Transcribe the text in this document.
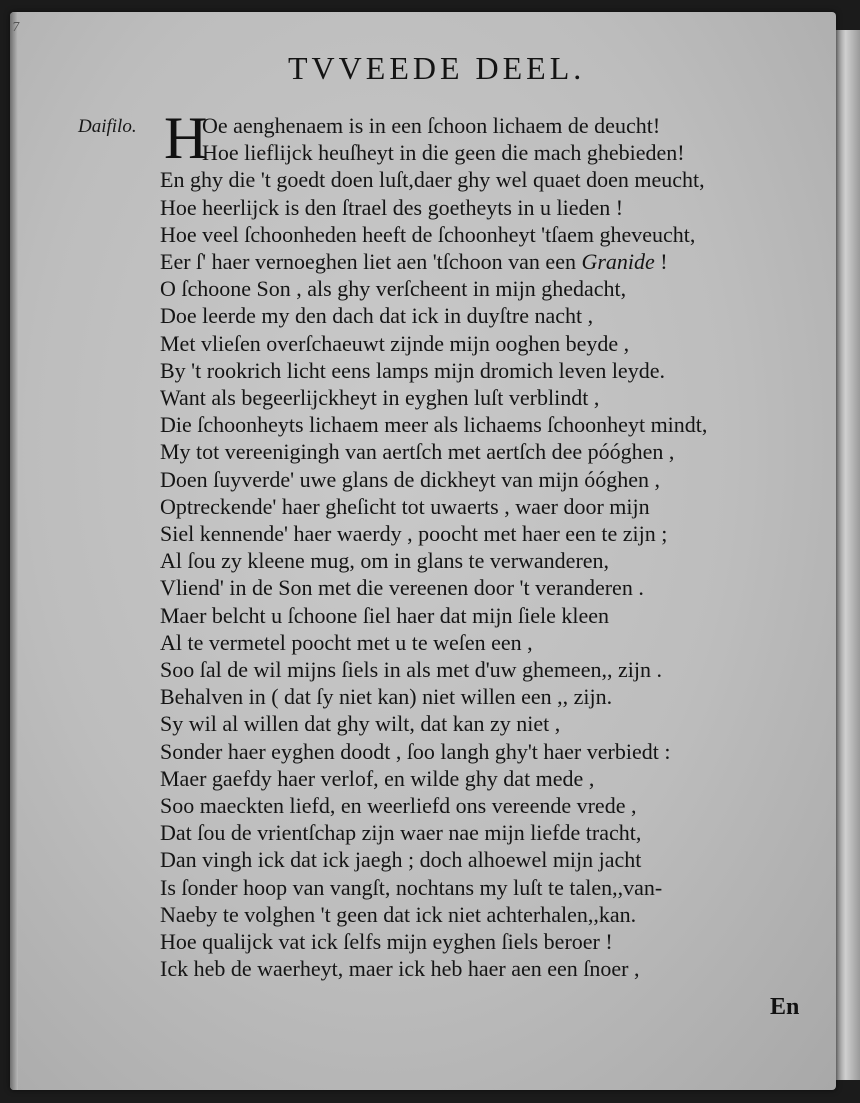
7
TVVEEDE DEEL.
Daifilo. H
Oe aenghenaem is in een ſchoon lichaem de deucht!
Hoe lieflijck heuſheyt in die geen die mach ghebieden!
En ghy die 't goedt doen luſt,daer ghy wel quaet doen meucht,
Hoe heerlijck is den ſtrael des goetheyts in u lieden !
Hoe veel ſchoonheden heeft de ſchoonheyt 'tſaem gheveucht,
Eer ſ' haer vernoeghen liet aen 'tſchoon van een Granide !
O ſchoone Son , als ghy verſcheent in mijn ghedacht,
Doe leerde my den dach dat ick in duyſtre nacht ,
Met vlieſen overſchaeuwt zijnde mijn ooghen beyde ,
By 't rookrich licht eens lamps mijn dromich leven leyde.
Want als begeerlijckheyt in eyghen luſt verblindt ,
Die ſchoonheyts lichaem meer als lichaems ſchoonheyt mindt,
My tot vereenigingh van aertſch met aertſch dee póóghen ,
Doen ſuyverde' uwe glans de dickheyt van mijn óóghen ,
Optreckende' haer gheſicht tot uwaerts , waer door mijn
Siel kennende' haer waerdy , poocht met haer een te zijn ;
Al ſou zy kleene mug, om in glans te verwanderen,
Vliend' in de Son met die vereenen door 't veranderen .
Maer belcht u ſchoone ſiel haer dat mijn ſiele kleen
Al te vermetel poocht met u te weſen een ,
Soo ſal de wil mijns ſiels in als met d'uw ghemeen,, zijn .
Behalven in ( dat ſy niet kan) niet willen een ,, zijn.
Sy wil al willen dat ghy wilt, dat kan zy niet ,
Sonder haer eyghen doodt , ſoo langh ghy't haer verbiedt :
Maer gaefdy haer verlof, en wilde ghy dat mede ,
Soo maeckten liefd, en weerliefd ons vereende vrede ,
Dat ſou de vrientſchap zijn waer nae mijn liefde tracht,
Dan vingh ick dat ick jaegh ; doch alhoewel mijn jacht
Is ſonder hoop van vangſt, nochtans my luſt te talen,,van-
Naeby te volghen 't geen dat ick niet achterhalen,,kan.
Hoe qualijck vat ick ſelfs mijn eyghen ſiels beroer !
Ick heb de waerheyt, maer ick heb haer aen een ſnoer ,
En
